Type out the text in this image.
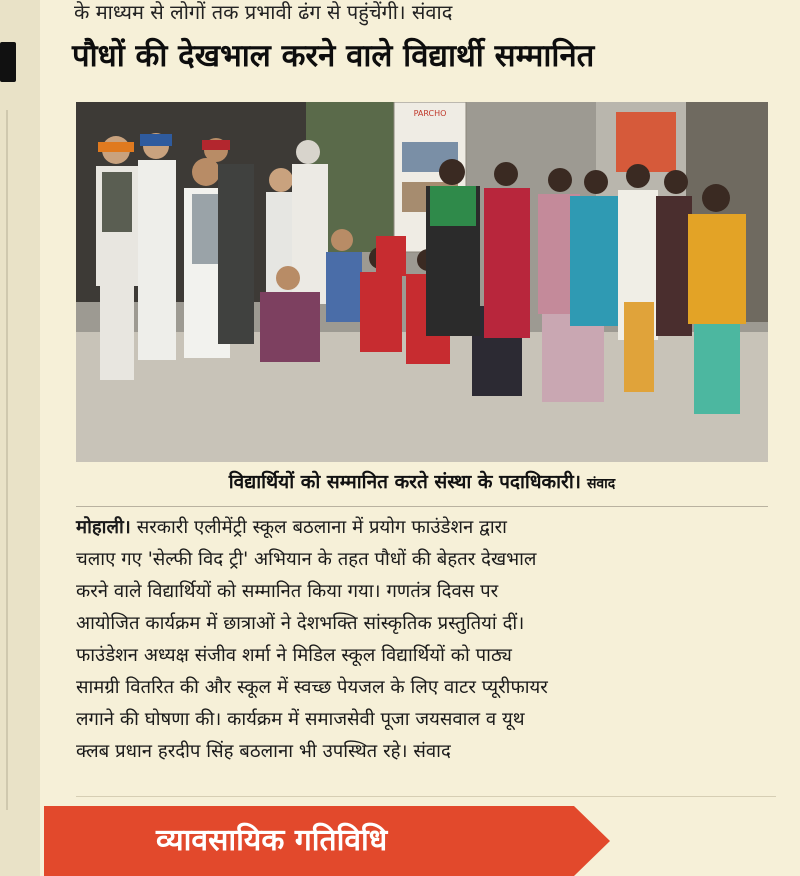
के माध्यम से लोगों तक प्रभावी ढंग से पहुंचेंगी। संवाद
पौधों की देखभाल करने वाले विद्यार्थी सम्मानित
PARCHO
विद्यार्थियों को सम्मानित करते संस्था के पदाधिकारी। संवाद
मोहाली। सरकारी एलीमेंट्री स्कूल बठलाना में प्रयोग फाउंडेशन द्वारा
चलाए गए 'सेल्फी विद ट्री' अभियान के तहत पौधों की बेहतर देखभाल
करने वाले विद्यार्थियों को सम्मानित किया गया। गणतंत्र दिवस पर
आयोजित कार्यक्रम में छात्राओं ने देशभक्ति सांस्कृतिक प्रस्तुतियां दीं।
फाउंडेशन अध्यक्ष संजीव शर्मा ने मिडिल स्कूल विद्यार्थियों को पाठ्य
सामग्री वितरित की और स्कूल में स्वच्छ पेयजल के लिए वाटर प्यूरीफायर
लगाने की घोषणा की। कार्यक्रम में समाजसेवी पूजा जयसवाल व यूथ
क्लब प्रधान हरदीप सिंह बठलाना भी उपस्थित रहे। संवाद
व्यावसायिक गतिविधि
